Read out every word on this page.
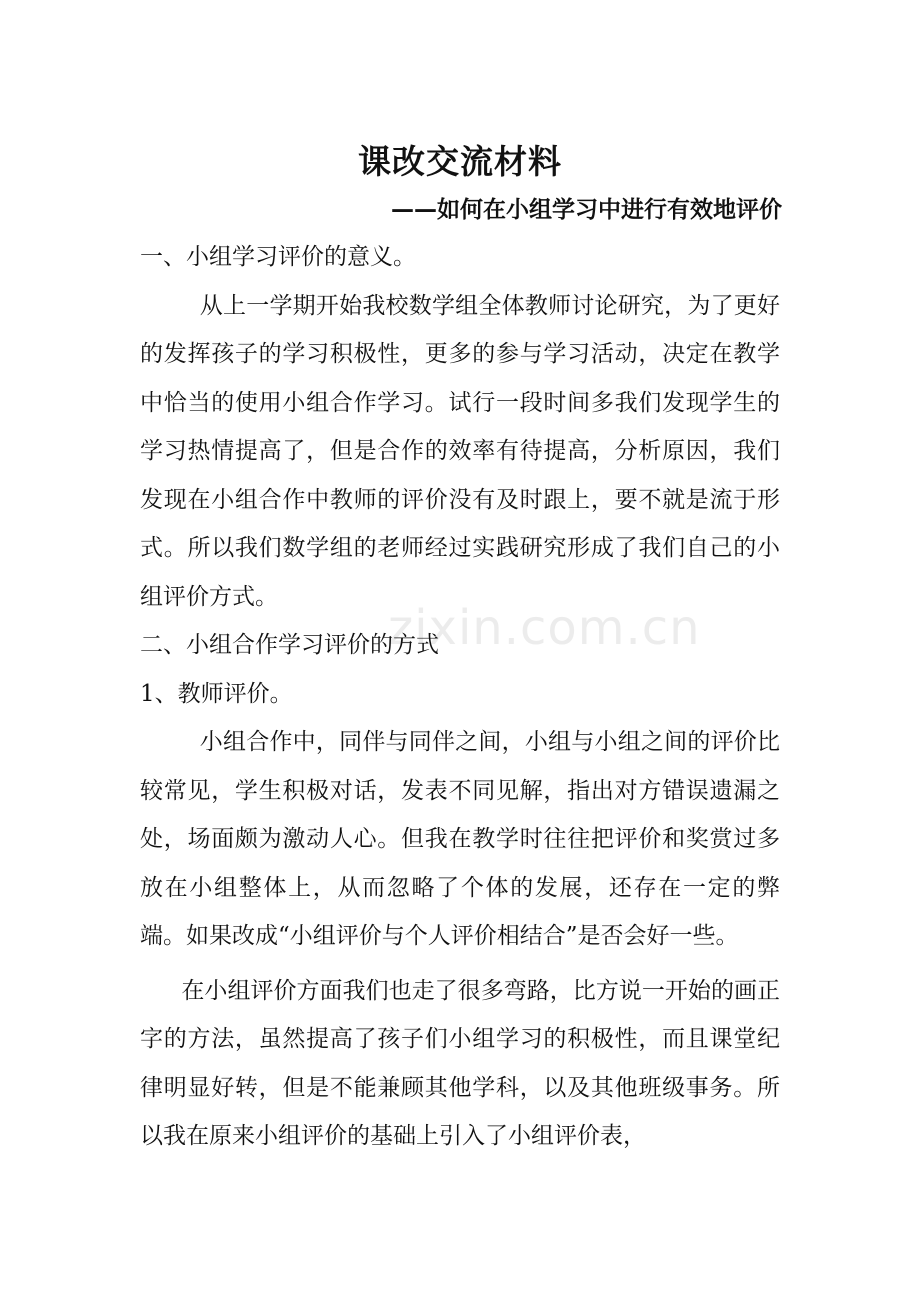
课改交流材料
——如何在小组学习中进行有效地评价
zixin.com.cn

一、小组学习评价的意义。

从上一学期开始我校数学组全体教师讨论研究，为了更好的发挥孩子的学习积极性，更多的参与学习活动，决定在教学中恰当的使用小组合作学习。试行一段时间多我们发现学生的学习热情提高了，但是合作的效率有待提高，分析原因，我们发现在小组合作中教师的评价没有及时跟上，要不就是流于形式。所以我们数学组的老师经过实践研究形成了我们自己的小组评价方式。

二、小组合作学习评价的方式

1、教师评价。

小组合作中，同伴与同伴之间，小组与小组之间的评价比较常见，学生积极对话，发表不同见解，指出对方错误遗漏之处，场面颇为激动人心。但我在教学时往往把评价和奖赏过多放在小组整体上，从而忽略了个体的发展，还存在一定的弊端。如果改成“小组评价与个人评价相结合”是否会好一些。

在小组评价方面我们也走了很多弯路，比方说一开始的画正字的方法，虽然提高了孩子们小组学习的积极性，而且课堂纪律明显好转，但是不能兼顾其他学科，以及其他班级事务。所以我在原来小组评价的基础上引入了小组评价表，
